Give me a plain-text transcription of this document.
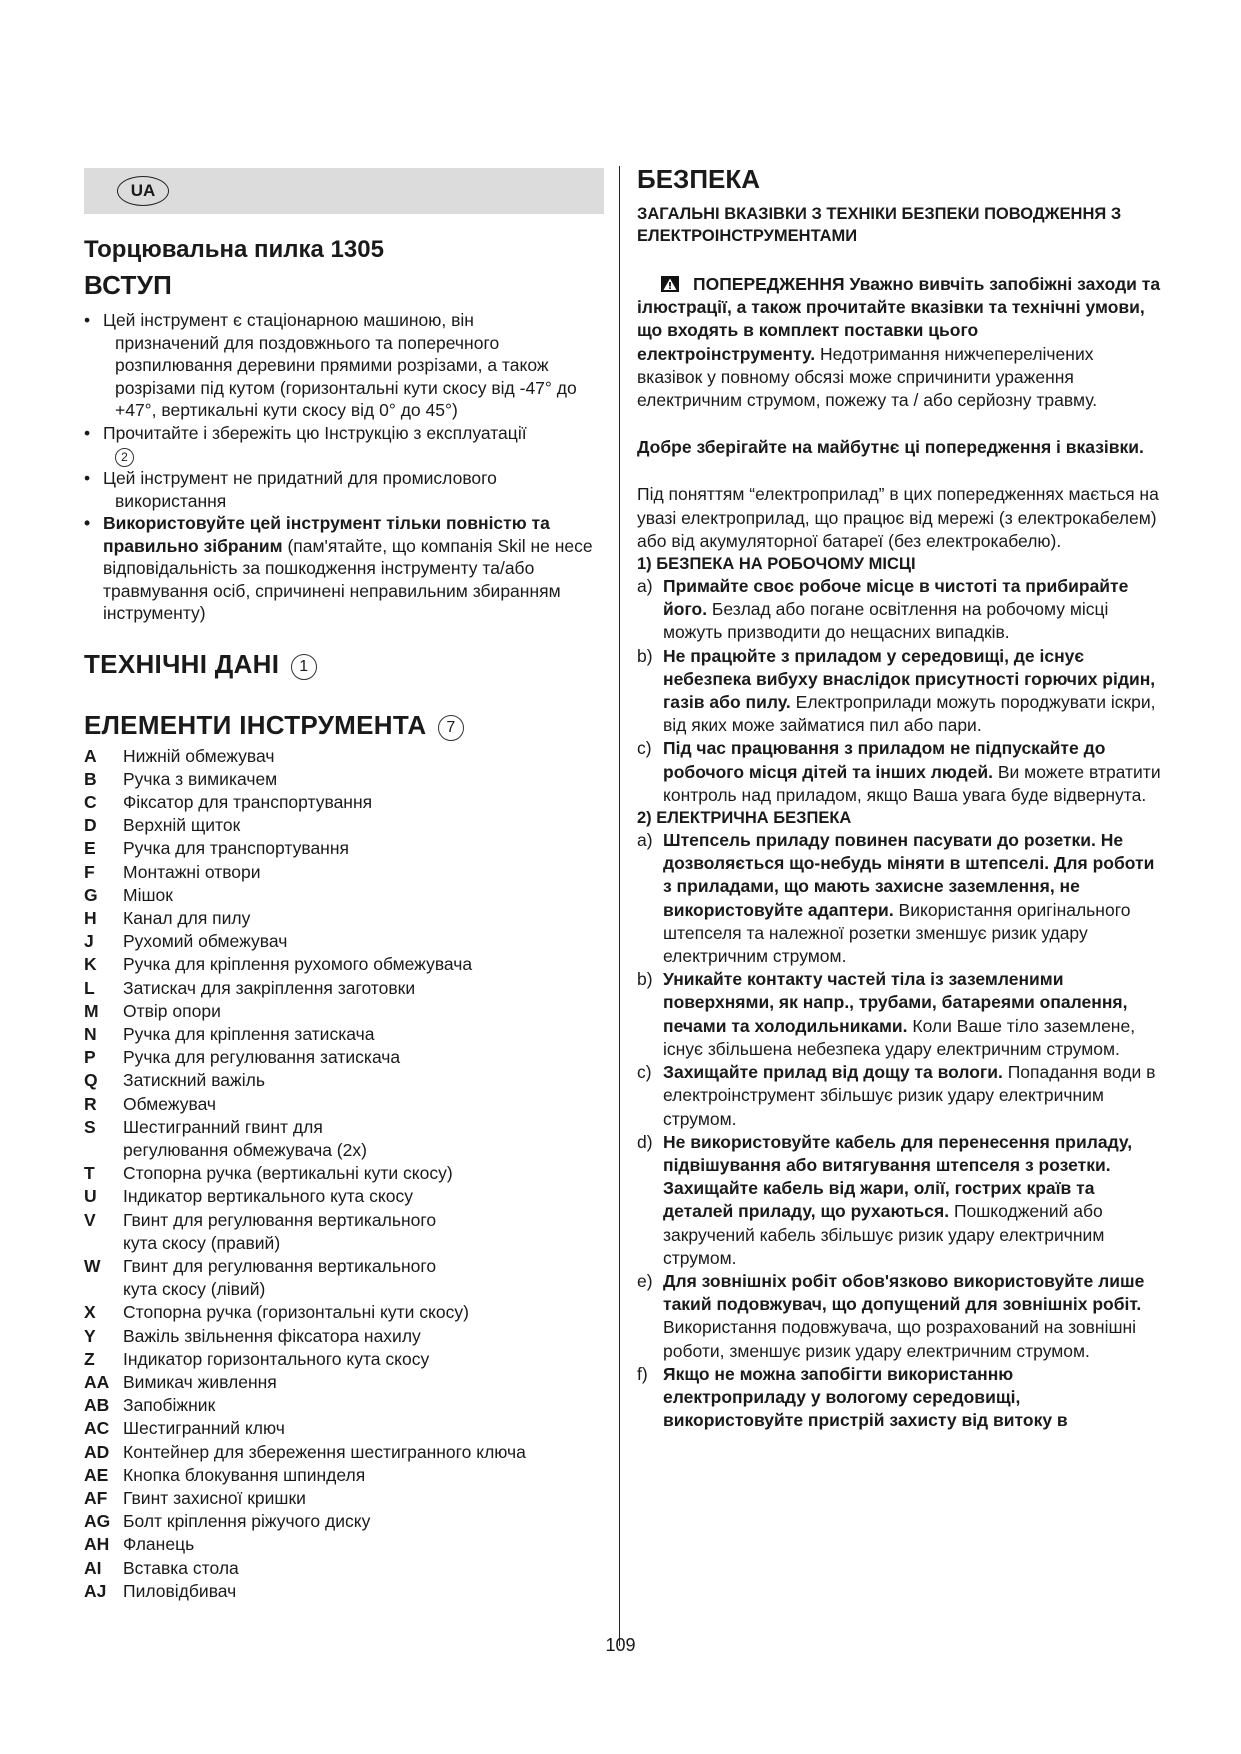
UA
Торцювальна пилка 1305
ВСТУП
• Цей інструмент є стаціонарною машиною, він
призначений для поздовжнього та поперечного розпилювання деревини прямими розрізами, а також розрізами під кутом (горизонтальні кути скосу від -47° до +47°, вертикальні кути скосу від 0° до 45°)
• Прочитайте і збережіть цю Інструкцію з експлуатації
2
• Цей інструмент не придатний для промислового
використання
• Використовуйте цей інструмент тільки повністю та правильно зібраним (пам'ятайте, що компанія Skil не несе відповідальність за пошкодження інструменту та/або травмування осіб, спричинені неправильним збиранням інструменту)
ТЕХНІЧНІ ДАНІ 1
ЕЛЕМЕНТИ ІНСТРУМЕНТА 7
A	Нижній обмежувач
B	Ручка з вимикачем
C	Фіксатор для транспортування
D	Верхній щиток
E	Ручка для транспортування
F	Монтажні отвори
G	Мішок
H	Канал для пилу
J	Рухомий обмежувач
K	Ручка для кріплення рухомого обмежувача
L	Затискач для закріплення заготовки
M	Отвір опори
N	Ручка для кріплення затискача
P	Ручка для регулювання затискача
Q	Затискний важіль
R	Обмежувач
S	Шестигранний гвинт для
регулювання обмежувача (2x)
T	Стопорна ручка (вертикальні кути скосу)
U	Індикатор вертикального кута скосу
V	Гвинт для регулювання вертикального
кута скосу (правий)
W	Гвинт для регулювання вертикального
кута скосу (лівий)
X	Стопорна ручка (горизонтальні кути скосу)
Y	Важіль звільнення фіксатора нахилу
Z	Індикатор горизонтального кута скосу
AA Вимикач живлення
AB Запобіжник
AC Шестигранний ключ
AD Контейнер для збереження шестигранного ключа
AE Кнопка блокування шпинделя
AF Гвинт захисної кришки
AG Болт кріплення ріжучого диску
AH Фланець
AI	Вставка стола
AJ Пиловідбивач
БЕЗПЕКА
ЗАГАЛЬНІ ВКАЗІВКИ З ТЕХНІКИ БЕЗПЕКИ ПОВОДЖЕННЯ З ЕЛЕКТРОІНСТРУМЕНТАМИ

ПОПЕРЕДЖЕННЯ Уважно вивчіть запобіжні заходи та ілюстрації, а також прочитайте вказівки та технічні умови, що входять в комплект поставки цього електроінструменту. Недотримання нижчеперелічених вказівок у повному обсязі може спричинити ураження електричним струмом, пожежу та / або серйозну травму.

Добре зберігайте на майбутнє ці попередження і вказівки.

Під поняттям “електроприлад” в цих попередженнях мається на увазі електроприлад, що працює від мережі (з електрокабелем) або від акумуляторної батареї (без електрокабелю).

1) БЕЗПЕКА НА РОБОЧОМУ МІСЦІ
a) Примайте своє робоче місце в чистоті та прибирайте його. Безлад або погане освітлення на робочому місці можуть призводити до нещасних випадків.
b) Не працюйте з приладом у середовищі, де існує небезпека вибуху внаслідок присутності горючих рідин, газів або пилу. Електроприлади можуть породжувати іскри, від яких може займатися пил або пари.
c) Під час працювання з приладом не підпускайте до робочого місця дітей та інших людей. Ви можете втратити контроль над приладом, якщо Ваша увага буде відвернута.
2) ЕЛЕКТРИЧНА БЕЗПЕКА
a) Штепсель приладу повинен пасувати до розетки. Не дозволяється що-небудь міняти в штепселі. Для роботи з приладами, що мають захисне заземлення, не використовуйте адаптери. Використання оригінального штепселя та належної розетки зменшує ризик удару електричним струмом.
b) Уникайте контакту частей тіла із заземленими поверхнями, як напр., трубами, батареями опалення, печами та холодильниками. Коли Ваше тіло заземлене, існує збільшена небезпека удару електричним струмом.
c) Захищайте прилад від дощу та вологи. Попадання води в електроінструмент збільшує ризик удару електричним струмом.
d) Не використовуйте кабель для перенесення приладу, підвішування або витягування штепселя з розетки. Захищайте кабель від жари, олії, гострих країв та деталей приладу, що рухаються. Пошкоджений або закручений кабель збільшує ризик удару електричним струмом.
e) Для зовнішніх робіт обов'язково використовуйте лише такий подовжувач, що допущений для зовнішніх робіт. Використання подовжувача, що розрахований на зовнішні роботи, зменшує ризик удару електричним струмом.
f) Якщо не можна запобігти використанню електроприладу у вологому середовищі, використовуйте пристрій захисту від витоку в
109
